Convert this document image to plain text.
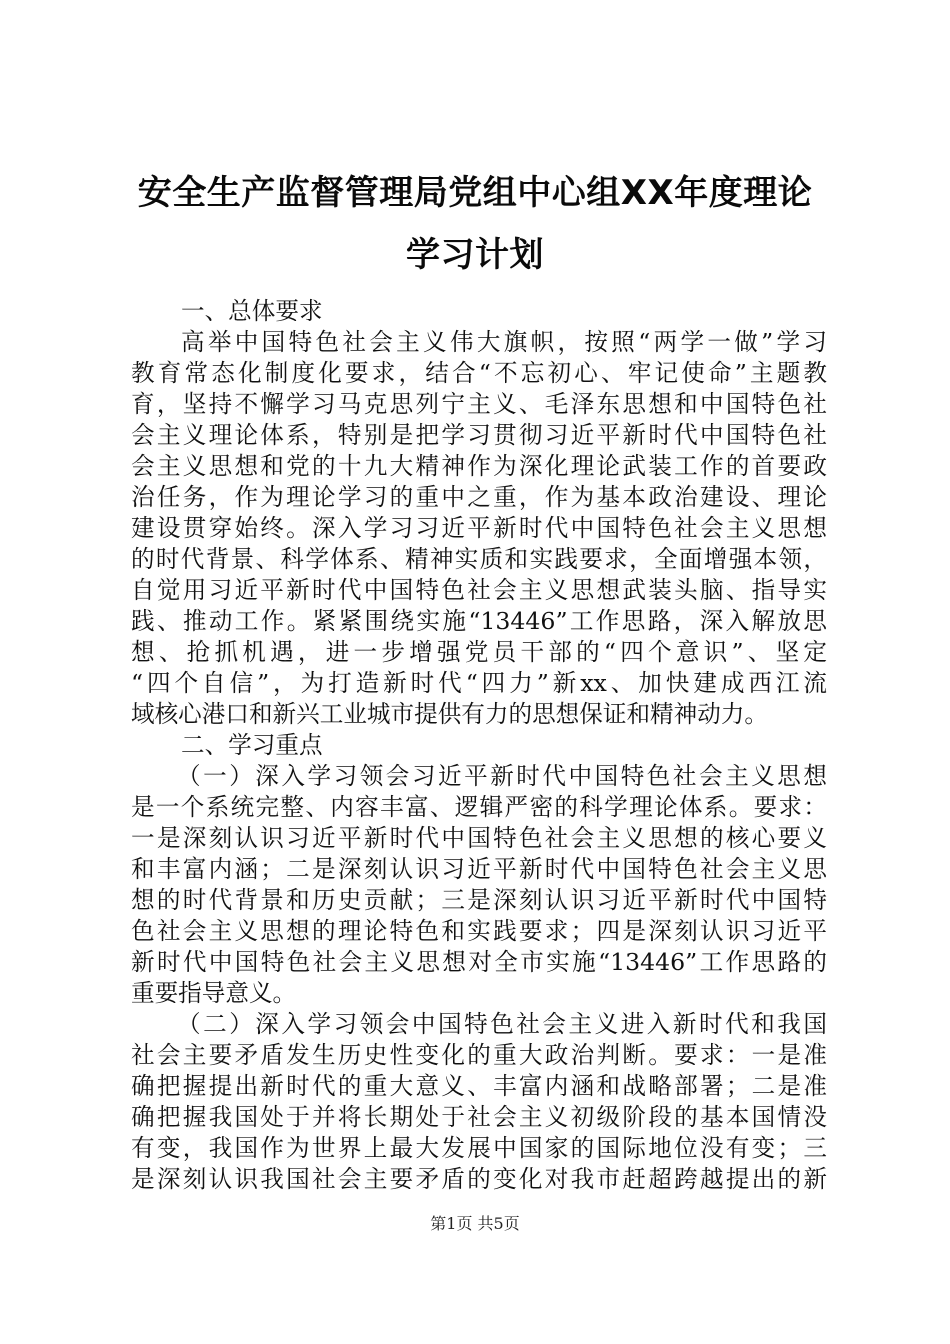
安全生产监督管理局党组中心组XX年度理论
学习计划
一、总体要求
高举中国特色社会主义伟大旗帜，按照“两学一做”学习
教育常态化制度化要求，结合“不忘初心、牢记使命”主题教
育，坚持不懈学习马克思列宁主义、毛泽东思想和中国特色社
会主义理论体系，特别是把学习贯彻习近平新时代中国特色社
会主义思想和党的十九大精神作为深化理论武装工作的首要政
治任务，作为理论学习的重中之重，作为基本政治建设、理论
建设贯穿始终。深入学习习近平新时代中国特色社会主义思想
的时代背景、科学体系、精神实质和实践要求，全面增强本领，
自觉用习近平新时代中国特色社会主义思想武装头脑、指导实
践、推动工作。紧紧围绕实施“13446”工作思路，深入解放思
想、抢抓机遇，进一步增强党员干部的“四个意识”、坚定
“四个自信”，为打造新时代“四力”新xx、加快建成西江流
域核心港口和新兴工业城市提供有力的思想保证和精神动力。
二、学习重点
（一）深入学习领会习近平新时代中国特色社会主义思想
是一个系统完整、内容丰富、逻辑严密的科学理论体系。要求：
一是深刻认识习近平新时代中国特色社会主义思想的核心要义
和丰富内涵；二是深刻认识习近平新时代中国特色社会主义思
想的时代背景和历史贡献；三是深刻认识习近平新时代中国特
色社会主义思想的理论特色和实践要求；四是深刻认识习近平
新时代中国特色社会主义思想对全市实施“13446”工作思路的
重要指导意义。
（二）深入学习领会中国特色社会主义进入新时代和我国
社会主要矛盾发生历史性变化的重大政治判断。要求：一是准
确把握提出新时代的重大意义、丰富内涵和战略部署；二是准
确把握我国处于并将长期处于社会主义初级阶段的基本国情没
有变，我国作为世界上最大发展中国家的国际地位没有变；三
是深刻认识我国社会主要矛盾的变化对我市赶超跨越提出的新
第1页 共5页
